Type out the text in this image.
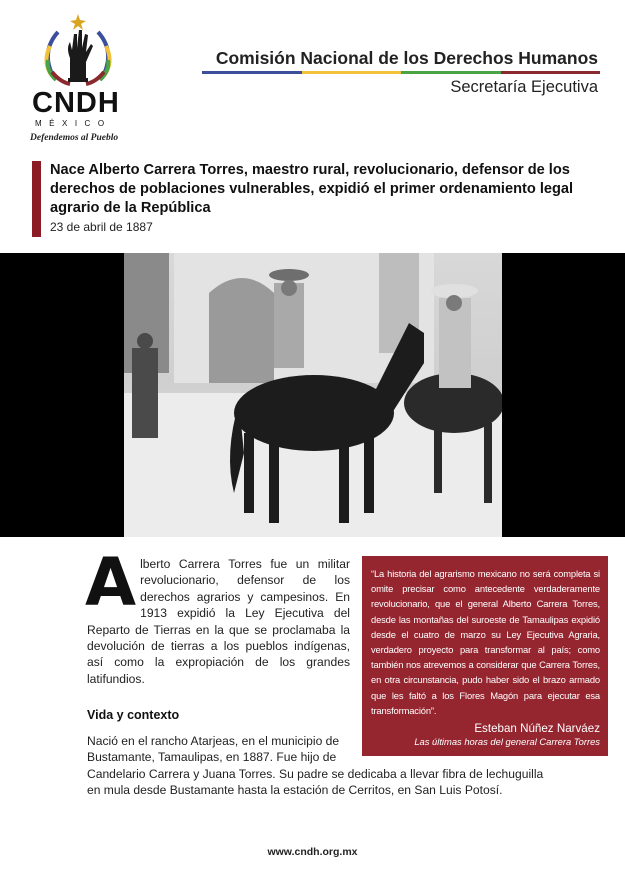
CNDH
MÉXICO
Defendemos al Pueblo
Comisión Nacional de los Derechos Humanos
Secretaría Ejecutiva
Nace Alberto Carrera Torres, maestro rural, revolucionario, defensor de los derechos de poblaciones vulnerables, expidió el primer ordenamiento legal agrario de la República
23 de abril de 1887

A lberto Carrera Torres fue un militar revolucionario, defensor de los derechos agrarios y campesinos. En 1913 expidió la Ley Ejecutiva del Reparto de Tierras en la que se proclamaba la devolución de tierras a los pueblos indígenas, así como la expropiación de los grandes latifundios.

“La historia del agrarismo mexicano no será completa si omite precisar como antecedente verdaderamente revolucionario, que el general Alberto Carrera Torres, desde las montañas del suroeste de Tamaulipas expidió desde el cuatro de marzo su Ley Ejecutiva Agraria, verdadero proyecto para transformar al país; como también nos atrevemos a considerar que Carrera Torres, en otra circunstancia, pudo haber sido el brazo armado que les faltó a los Flores Magón para ejecutar esa transformación”.

Esteban Núñez Narváez
Las últimas horas del general Carrera Torres
Vida y contexto

Nació en el rancho Atarjeas, en el municipio de
Bustamante, Tamaulipas, en 1887. Fue hijo de
Candelario Carrera y Juana Torres. Su padre se dedicaba a llevar fibra de lechuguilla
en mula desde Bustamante hasta la estación de Cerritos, en San Luis Potosí.

www.cndh.org.mx
